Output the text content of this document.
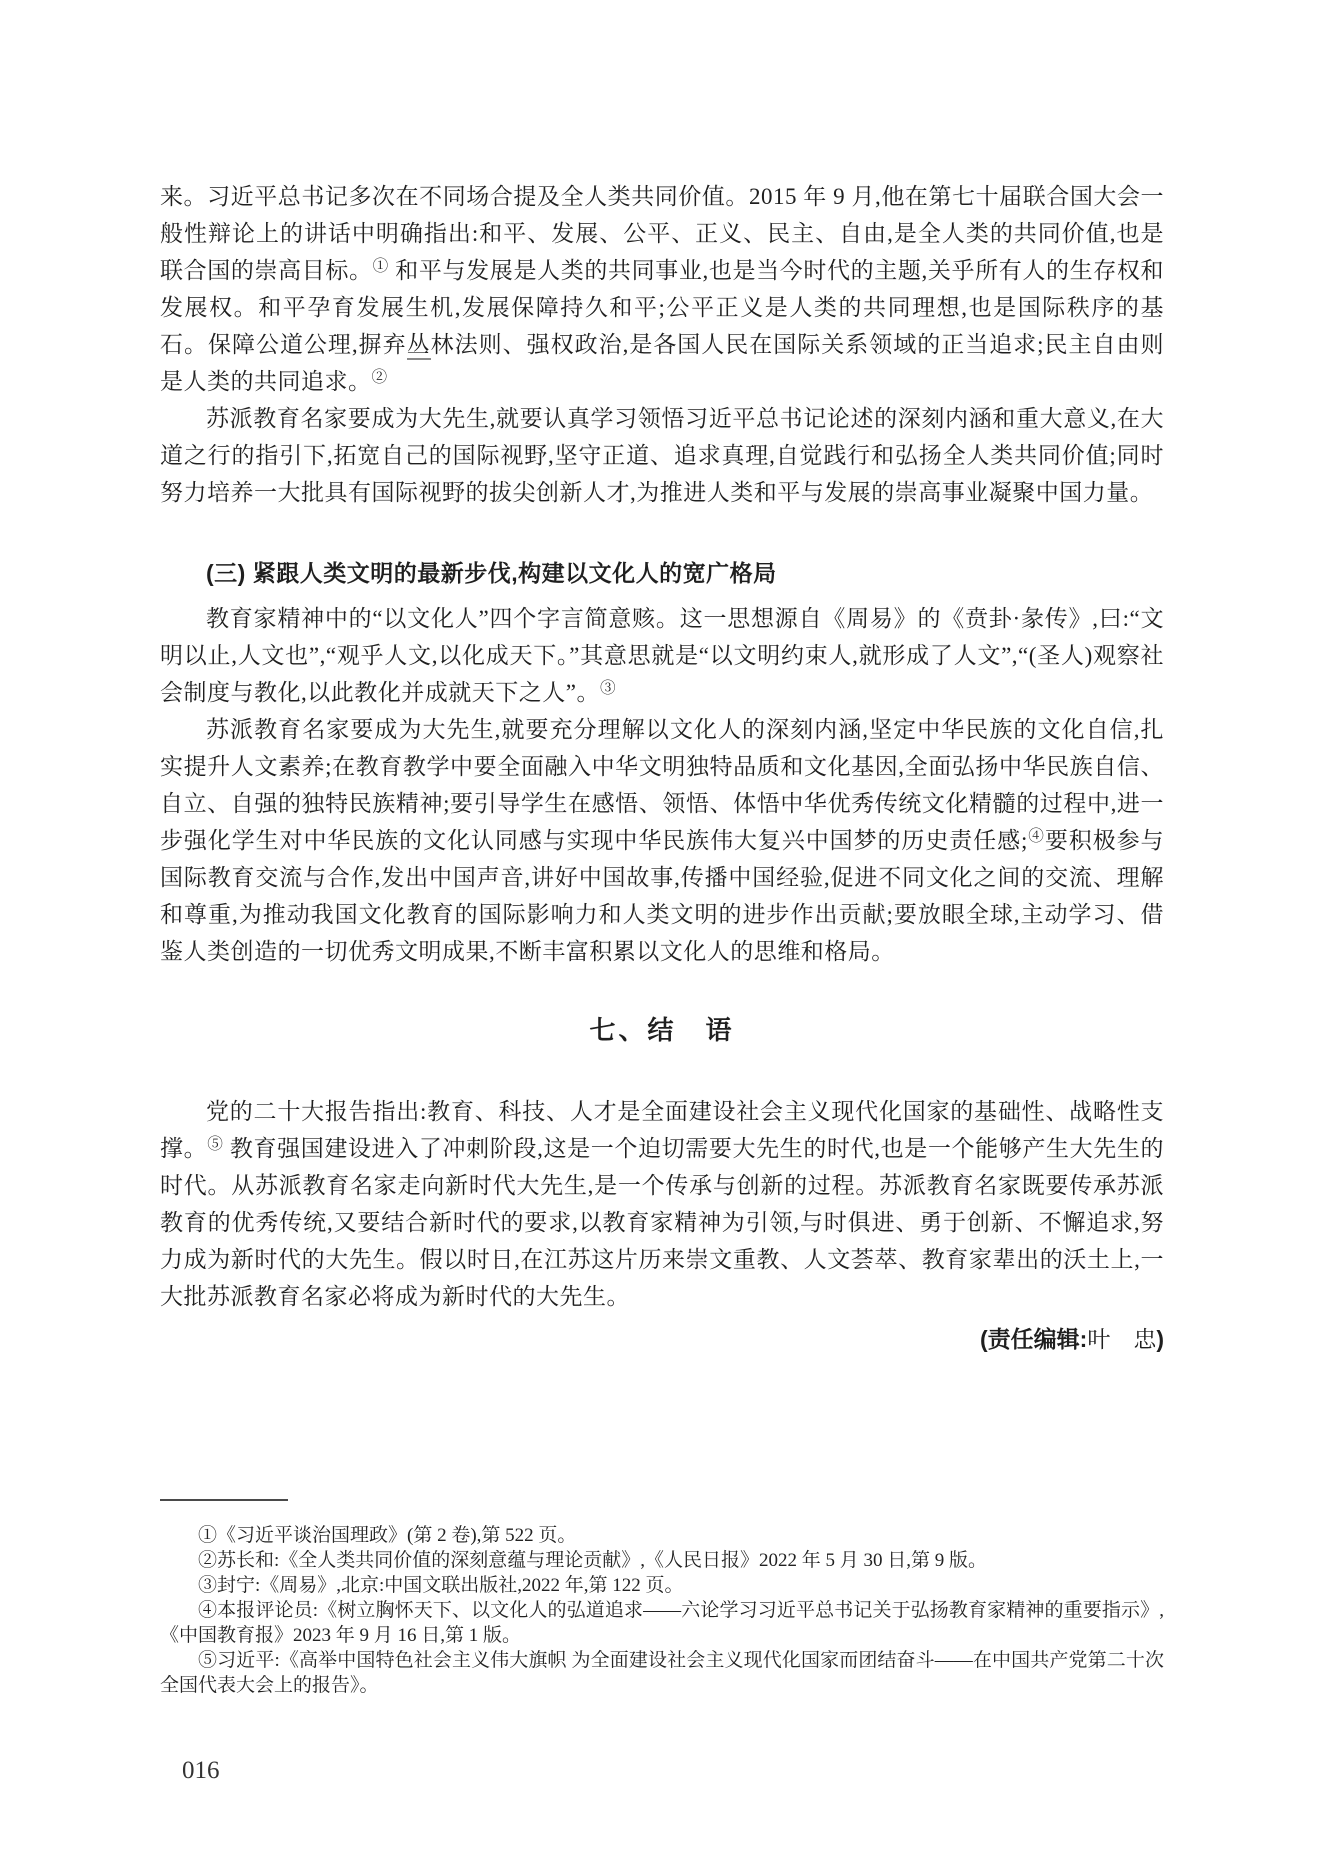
来。习近平总书记多次在不同场合提及全人类共同价值。2015 年 9 月,他在第七十届联合国大会一般性辩论上的讲话中明确指出:和平、发展、公平、正义、民主、自由,是全人类的共同价值,也是联合国的崇高目标。① 和平与发展是人类的共同事业,也是当今时代的主题,关乎所有人的生存权和发展权。和平孕育发展生机,发展保障持久和平;公平正义是人类的共同理想,也是国际秩序的基石。保障公道公理,摒弃丛林法则、强权政治,是各国人民在国际关系领域的正当追求;民主自由则是人类的共同追求。②

苏派教育名家要成为大先生,就要认真学习领悟习近平总书记论述的深刻内涵和重大意义,在大道之行的指引下,拓宽自己的国际视野,坚守正道、追求真理,自觉践行和弘扬全人类共同价值;同时努力培养一大批具有国际视野的拔尖创新人才,为推进人类和平与发展的崇高事业凝聚中国力量。

(三) 紧跟人类文明的最新步伐,构建以文化人的宽广格局

教育家精神中的“以文化人”四个字言简意赅。这一思想源自《周易》的《贲卦·彖传》,曰:“文明以止,人文也”,“观乎人文,以化成天下。”其意思就是“以文明约束人,就形成了人文”,“(圣人)观察社会制度与教化,以此教化并成就天下之人”。③

苏派教育名家要成为大先生,就要充分理解以文化人的深刻内涵,坚定中华民族的文化自信,扎实提升人文素养;在教育教学中要全面融入中华文明独特品质和文化基因,全面弘扬中华民族自信、自立、自强的独特民族精神;要引导学生在感悟、领悟、体悟中华优秀传统文化精髓的过程中,进一步强化学生对中华民族的文化认同感与实现中华民族伟大复兴中国梦的历史责任感;④要积极参与国际教育交流与合作,发出中国声音,讲好中国故事,传播中国经验,促进不同文化之间的交流、理解和尊重,为推动我国文化教育的国际影响力和人类文明的进步作出贡献;要放眼全球,主动学习、借鉴人类创造的一切优秀文明成果,不断丰富积累以文化人的思维和格局。

七、结　语

党的二十大报告指出:教育、科技、人才是全面建设社会主义现代化国家的基础性、战略性支撑。⑤ 教育强国建设进入了冲刺阶段,这是一个迫切需要大先生的时代,也是一个能够产生大先生的时代。从苏派教育名家走向新时代大先生,是一个传承与创新的过程。苏派教育名家既要传承苏派教育的优秀传统,又要结合新时代的要求,以教育家精神为引领,与时俱进、勇于创新、不懈追求,努力成为新时代的大先生。假以时日,在江苏这片历来崇文重教、人文荟萃、教育家辈出的沃土上,一大批苏派教育名家必将成为新时代的大先生。

(责任编辑:叶　忠)

①《习近平谈治国理政》(第 2 卷),第 522 页。

②苏长和:《全人类共同价值的深刻意蕴与理论贡献》,《人民日报》2022 年 5 月 30 日,第 9 版。

③封宁:《周易》,北京:中国文联出版社,2022 年,第 122 页。

④本报评论员:《树立胸怀天下、以文化人的弘道追求——六论学习习近平总书记关于弘扬教育家精神的重要指示》,《中国教育报》2023 年 9 月 16 日,第 1 版。

⑤习近平:《高举中国特色社会主义伟大旗帜 为全面建设社会主义现代化国家而团结奋斗——在中国共产党第二十次全国代表大会上的报告》。

016
